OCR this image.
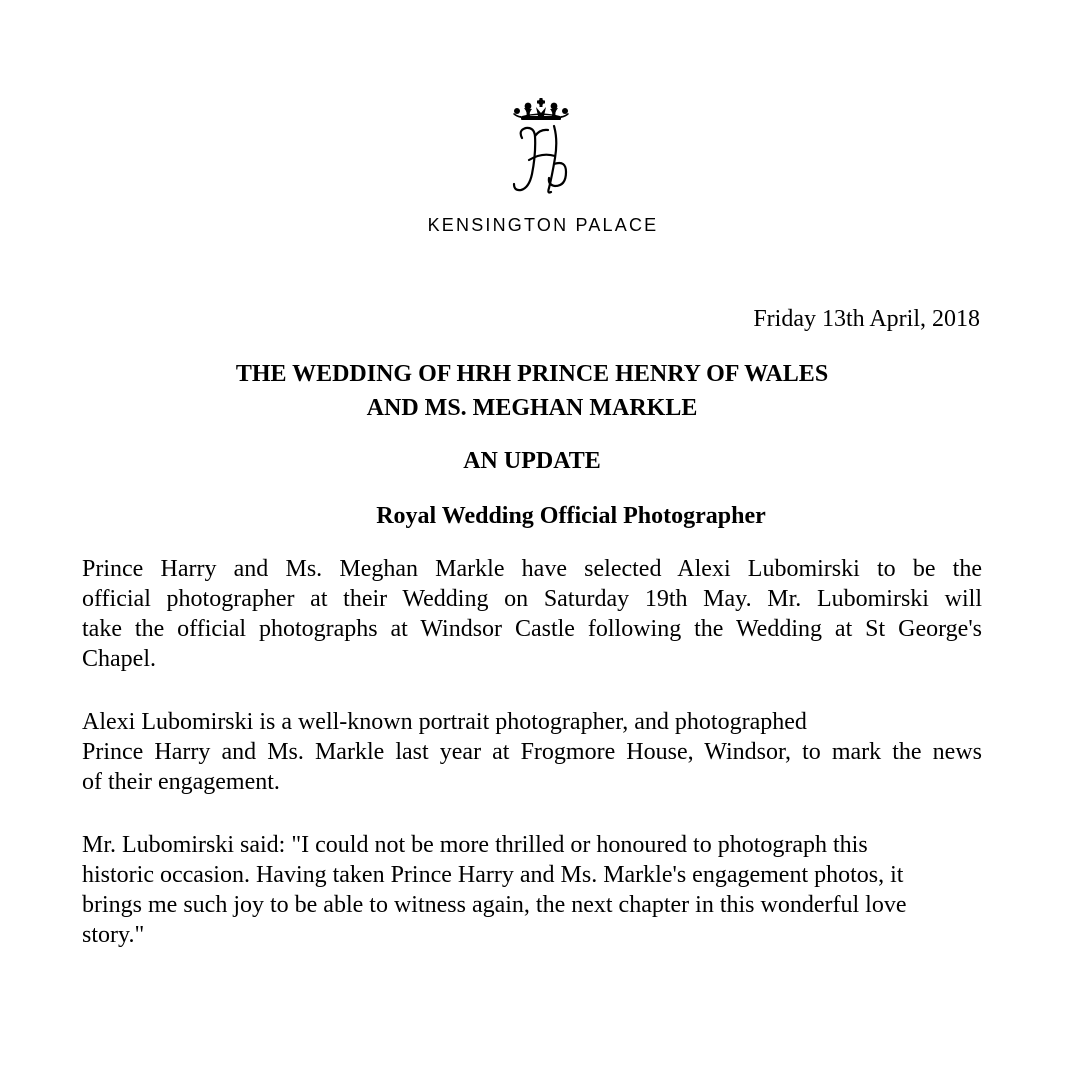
KENSINGTON PALACE
Friday 13th April, 2018
THE WEDDING OF HRH PRINCE HENRY OF WALES
AND MS. MEGHAN MARKLE
AN UPDATE
Royal Wedding Official Photographer

Prince Harry and Ms. Meghan Markle have selected Alexi Lubomirski to be the
official photographer at their Wedding on Saturday 19th May. Mr. Lubomirski will
take the official photographs at Windsor Castle following the Wedding at St George's
Chapel.

Alexi Lubomirski is a well-known portrait photographer, and photographed
Prince Harry and Ms. Markle last year at Frogmore House, Windsor, to mark the news
of their engagement.

Mr. Lubomirski said: "I could not be more thrilled or honoured to photograph this
historic occasion. Having taken Prince Harry and Ms. Markle's engagement photos, it
brings me such joy to be able to witness again, the next chapter in this wonderful love
story."
